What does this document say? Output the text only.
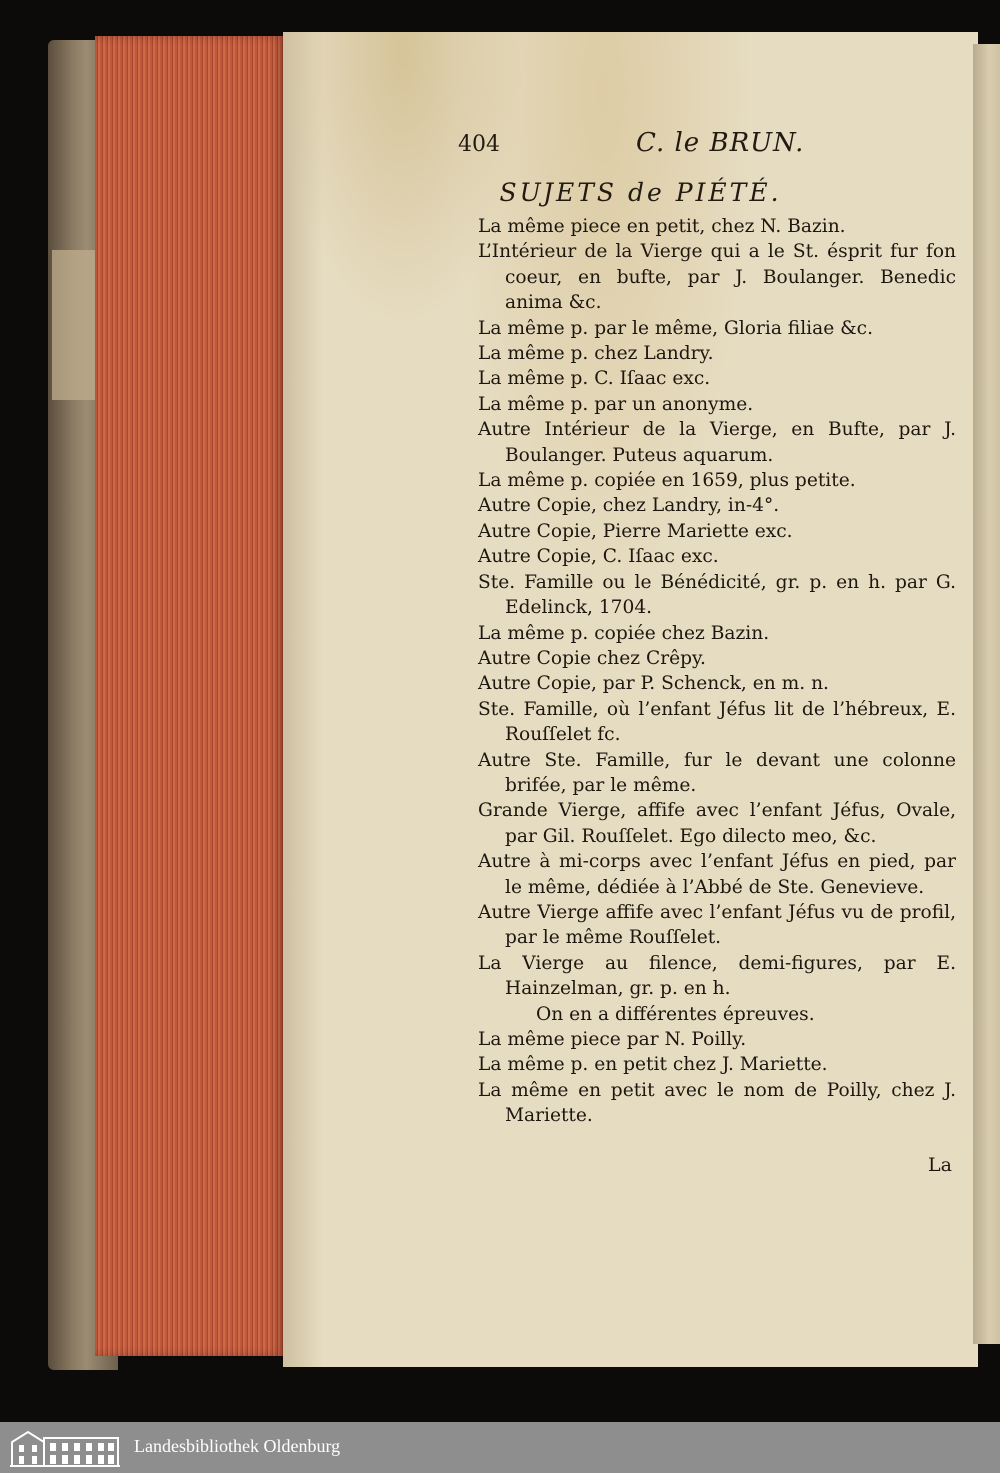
404	C. le BRUN.
SUJETS de PIÉTÉ.

La même piece en petit, chez N. Bazin.

L’Intérieur de la Vierge qui a le St. ésprit fur fon coeur, en bufte, par J. Boulanger. Benedic anima &c.

La même p. par le même, Gloria filiae &c.

La même p. chez Landry.

La même p. C. Iſaac exc.

La même p. par un anonyme.

Autre Intérieur de la Vierge, en Bufte, par J. Boulanger. Puteus aquarum.

La même p. copiée en 1659, plus petite.

Autre Copie, chez Landry, in-4°.

Autre Copie, Pierre Mariette exc.

Autre Copie, C. Iſaac exc.

Ste. Famille ou le Bénédicité, gr. p. en h. par G. Edelinck, 1704.

La même p. copiée chez Bazin.

Autre Copie chez Crêpy.

Autre Copie, par P. Schenck, en m. n.

Ste. Famille, où l’enfant Jéfus lit de l’hébreux, E. Rouſſelet fc.

Autre Ste. Famille, fur le devant une colonne brifée, par le même.

Grande Vierge, affife avec l’enfant Jéfus, Ovale, par Gil. Rouſſelet. Ego dilecto meo, &c.

Autre à mi-corps avec l’enfant Jéfus en pied, par le même, dédiée à l’Abbé de Ste. Genevieve.

Autre Vierge affife avec l’enfant Jéfus vu de profil, par le même Rouſſelet.

La Vierge au filence, demi-figures, par E. Hainzelman, gr. p. en h.

On en a différentes épreuves.

La même piece par N. Poilly.

La même p. en petit chez J. Mariette.

La même en petit avec le nom de Poilly, chez J. Mariette.

La
Landesbibliothek Oldenburg
